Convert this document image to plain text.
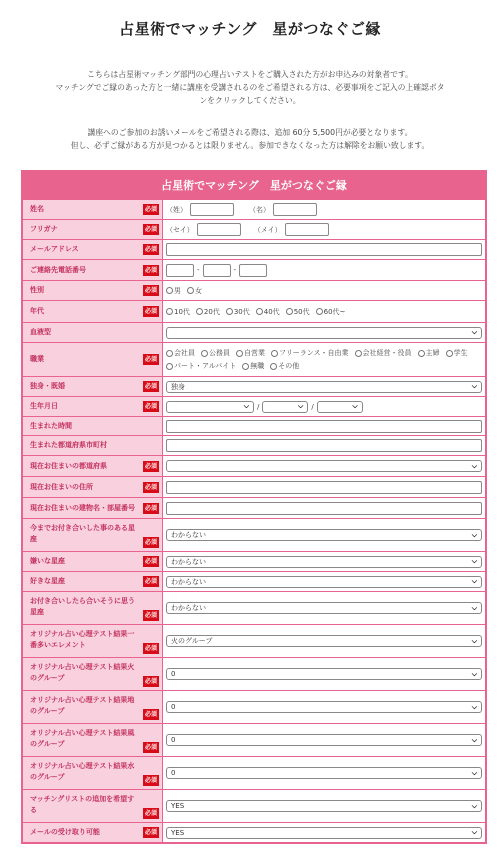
占星術でマッチング　星がつなぐご縁

こちらは占星術マッチング部門の心理占いテストをご購入された方がお申込みの対象者です。

マッチングでご縁のあった方と一緒に講座を受講されるのをご希望される方は、必要事項をご記入の上確認ボタ

ンをクリックしてください。

講座へのご参加のお誘いメールをご希望される際は、追加 60分 5,500円が必要となります。

但し、必ずご縁がある方が見つかるとは限りません。参加できなくなった方は解除をお願い致します。

占星術でマッチング　星がつなぐご縁
姓名	必須 （姓）	（名）
フリガナ	必須 （セイ）	（メイ）
メールアドレス	必須
ご連絡先電話番号	必須	-	-
性別	必須 男 女
年代	必須 10代 20代 30代 40代 50代 60代~
血液型	⌵
職業	必須
会社員 公務員 自営業 フリーランス・自由業 会社経営・役員 主婦 学生
パート・アルバイト 無職 その他
独身・既婚	必須 独身	⌵
生年月日	必須	⌵ /	⌵ /	⌵
生まれた時間
生まれた都道府県市町村
現在お住まいの都道府県	必須	⌵
現在お住まいの住所	必須
現在お住まいの建物名・部屋番号	必須
今までお付き合いした事のある星座	必須
わからない	⌵
嫌いな星座	必須 わからない	⌵
好きな星座	必須 わからない	⌵
お付き合いしたら合いそうに思う星座	必須
わからない	⌵
オリジナル占い心理テスト結果一番多いエレメント	必須
火のグループ	⌵
オリジナル占い心理テスト結果火のグループ	必須
0	⌵
オリジナル占い心理テスト結果地のグループ	必須
0	⌵
オリジナル占い心理テスト結果風のグループ	必須
0	⌵
オリジナル占い心理テスト結果水のグループ	必須
0	⌵
マッチングリストの追加を希望する	必須
YES	⌵
メールの受け取り可能	必須 YES	⌵
